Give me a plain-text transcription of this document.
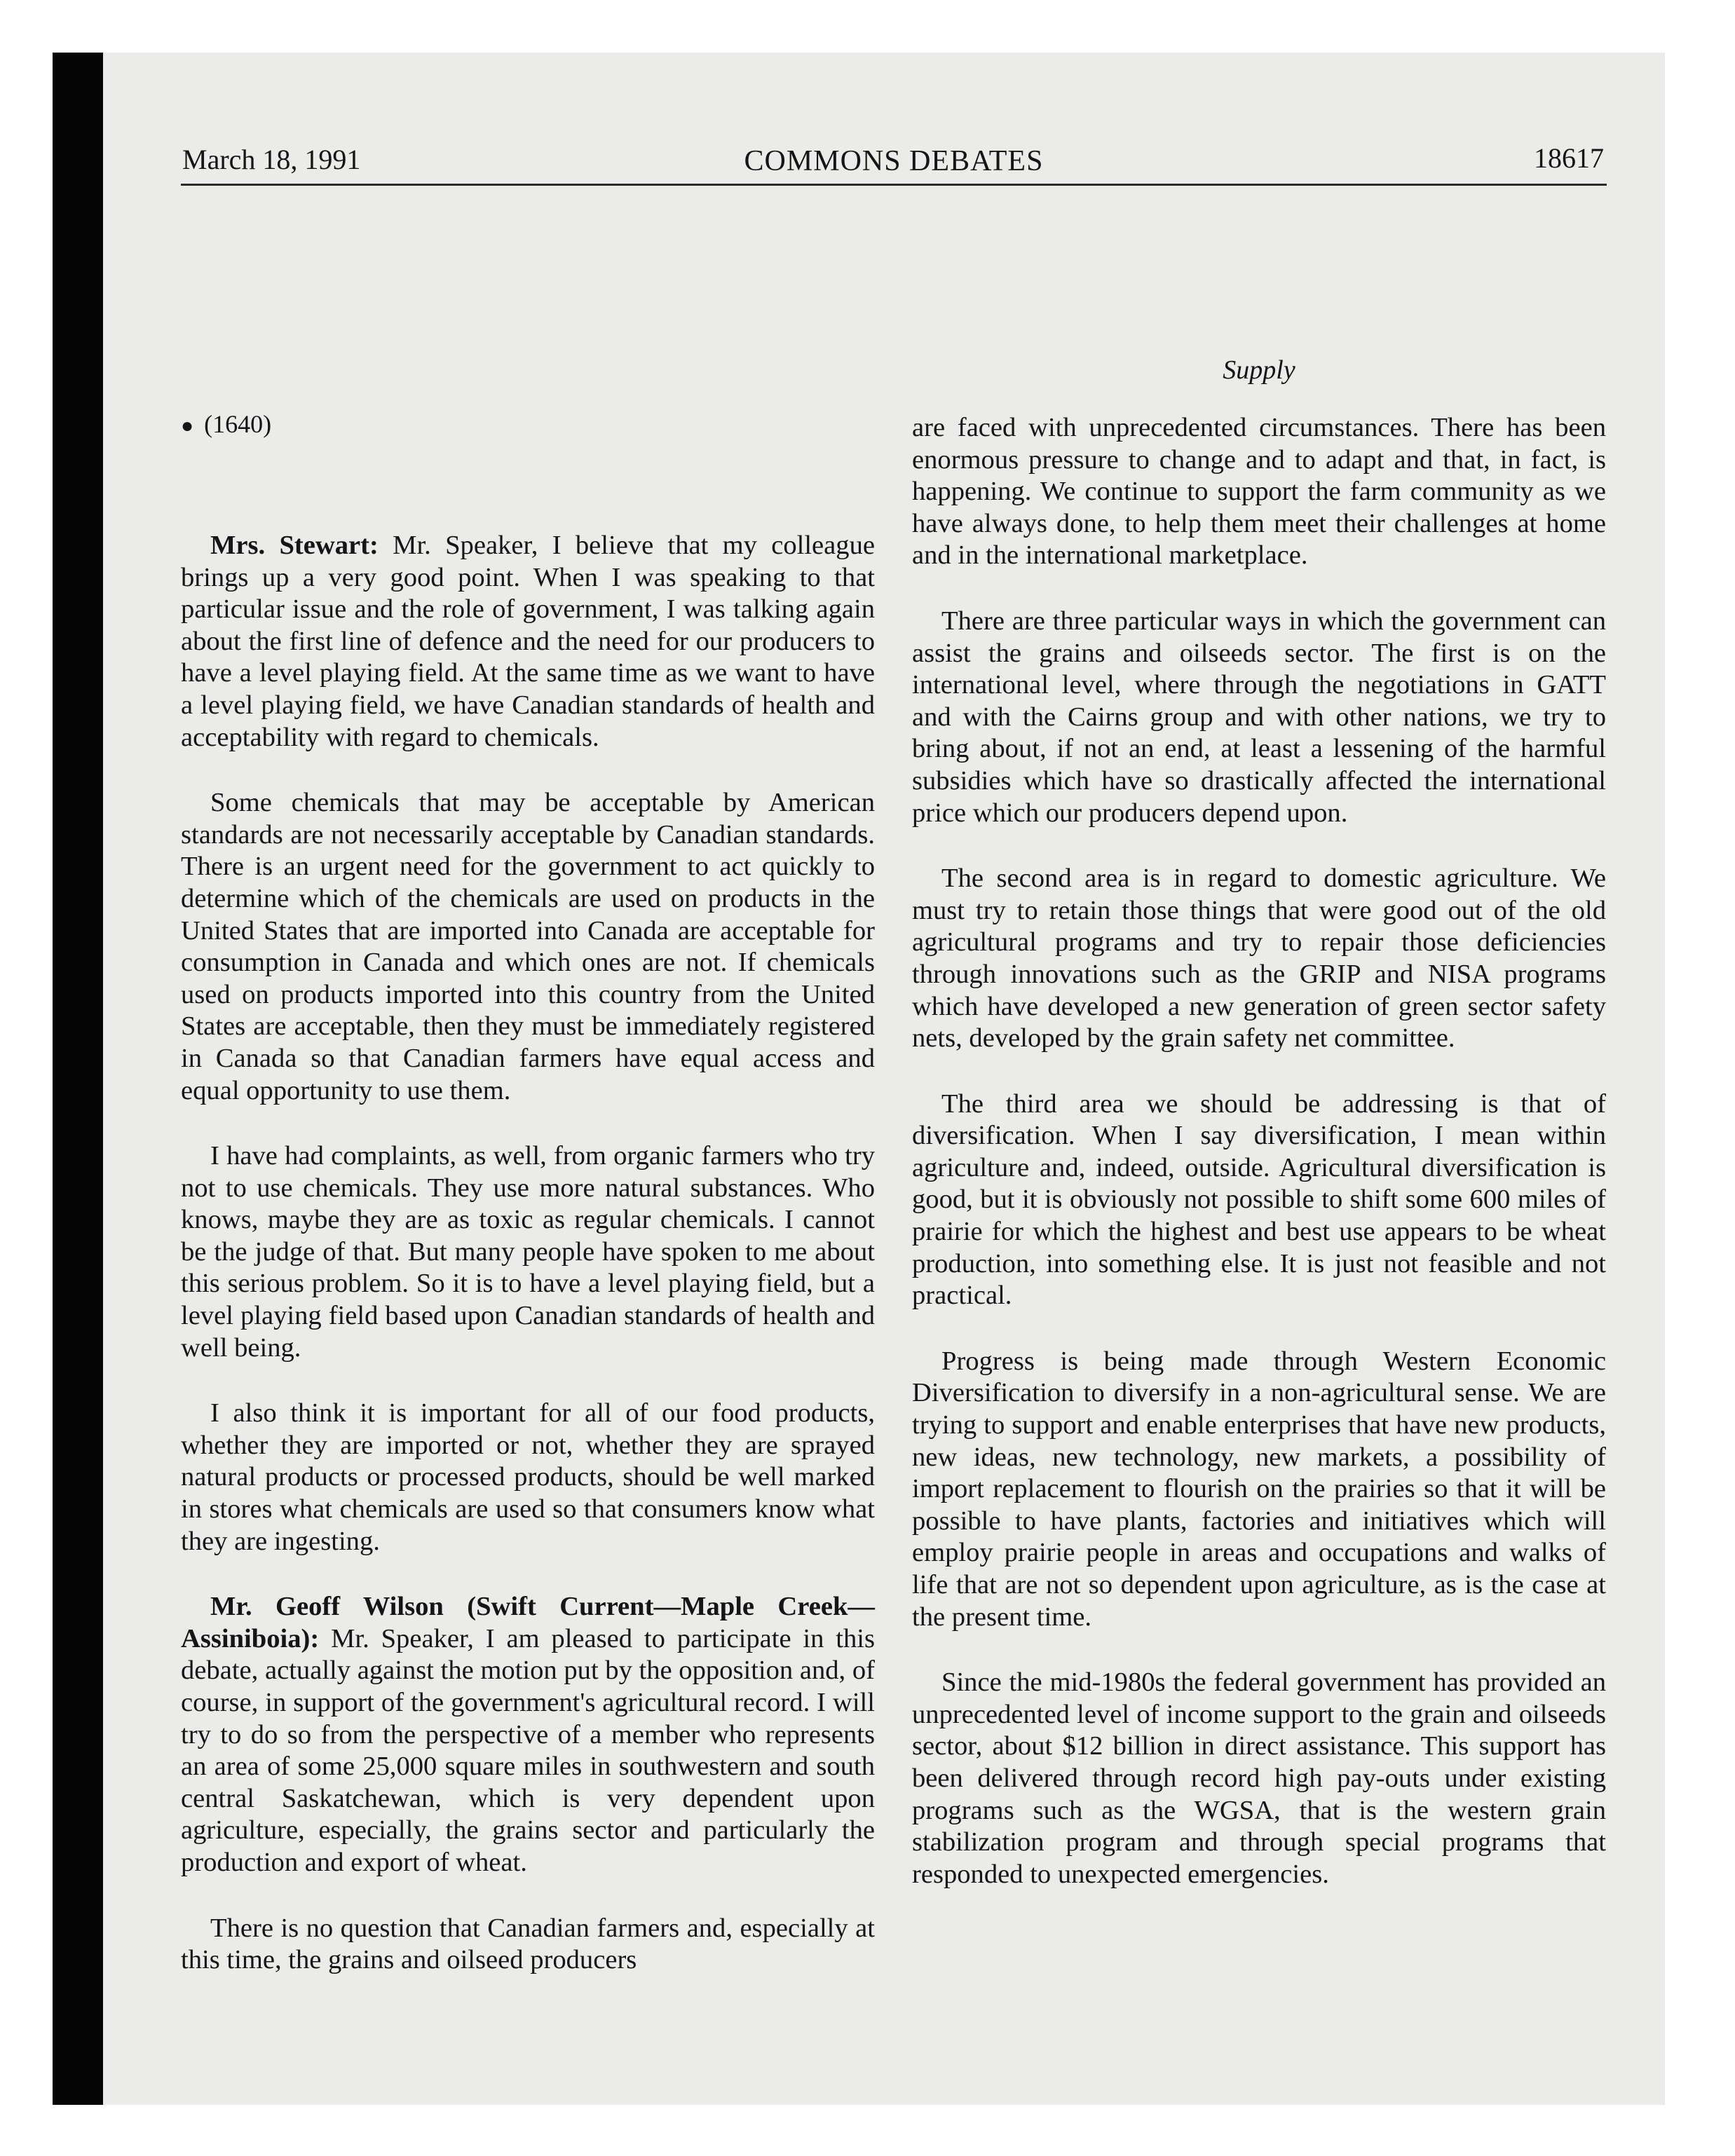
March 18, 1991	COMMONS DEBATES	18617
Supply
● (1640)

Mrs. Stewart: Mr. Speaker, I believe that my colleague brings up a very good point. When I was speaking to that particular issue and the role of government, I was talking again about the first line of defence and the need for our producers to have a level playing field. At the same time as we want to have a level playing field, we have Canadian standards of health and acceptability with regard to chemicals.

Some chemicals that may be acceptable by American standards are not necessarily acceptable by Canadian standards. There is an urgent need for the government to act quickly to determine which of the chemicals are used on products in the United States that are imported into Canada are acceptable for consumption in Canada and which ones are not. If chemicals used on products imported into this country from the United States are acceptable, then they must be immediately registered in Canada so that Canadian farmers have equal access and equal opportunity to use them.

I have had complaints, as well, from organic farmers who try not to use chemicals. They use more natural substances. Who knows, maybe they are as toxic as regular chemicals. I cannot be the judge of that. But many people have spoken to me about this serious problem. So it is to have a level playing field, but a level playing field based upon Canadian standards of health and well being.

I also think it is important for all of our food products, whether they are imported or not, whether they are sprayed natural products or processed products, should be well marked in stores what chemicals are used so that consumers know what they are ingesting.

Mr. Geoff Wilson (Swift Current—Maple Creek—Assiniboia): Mr. Speaker, I am pleased to participate in this debate, actually against the motion put by the opposition and, of course, in support of the government's agricultural record. I will try to do so from the perspective of a member who represents an area of some 25,000 square miles in southwestern and south central Saskatchewan, which is very dependent upon agriculture, especially, the grains sector and particularly the production and export of wheat.

There is no question that Canadian farmers and, especially at this time, the grains and oilseed producers

are faced with unprecedented circumstances. There has been enormous pressure to change and to adapt and that, in fact, is happening. We continue to support the farm community as we have always done, to help them meet their challenges at home and in the international marketplace.

There are three particular ways in which the government can assist the grains and oilseeds sector. The first is on the international level, where through the negotiations in GATT and with the Cairns group and with other nations, we try to bring about, if not an end, at least a lessening of the harmful subsidies which have so drastically affected the international price which our producers depend upon.

The second area is in regard to domestic agriculture. We must try to retain those things that were good out of the old agricultural programs and try to repair those deficiencies through innovations such as the GRIP and NISA programs which have developed a new generation of green sector safety nets, developed by the grain safety net committee.

The third area we should be addressing is that of diversification. When I say diversification, I mean within agriculture and, indeed, outside. Agricultural diversification is good, but it is obviously not possible to shift some 600 miles of prairie for which the highest and best use appears to be wheat production, into something else. It is just not feasible and not practical.

Progress is being made through Western Economic Diversification to diversify in a non-agricultural sense. We are trying to support and enable enterprises that have new products, new ideas, new technology, new markets, a possibility of import replacement to flourish on the prairies so that it will be possible to have plants, factories and initiatives which will employ prairie people in areas and occupations and walks of life that are not so dependent upon agriculture, as is the case at the present time.

Since the mid-1980s the federal government has provided an unprecedented level of income support to the grain and oilseeds sector, about $12 billion in direct assistance. This support has been delivered through record high pay-outs under existing programs such as the WGSA, that is the western grain stabilization program and through special programs that responded to unexpected emergencies.
